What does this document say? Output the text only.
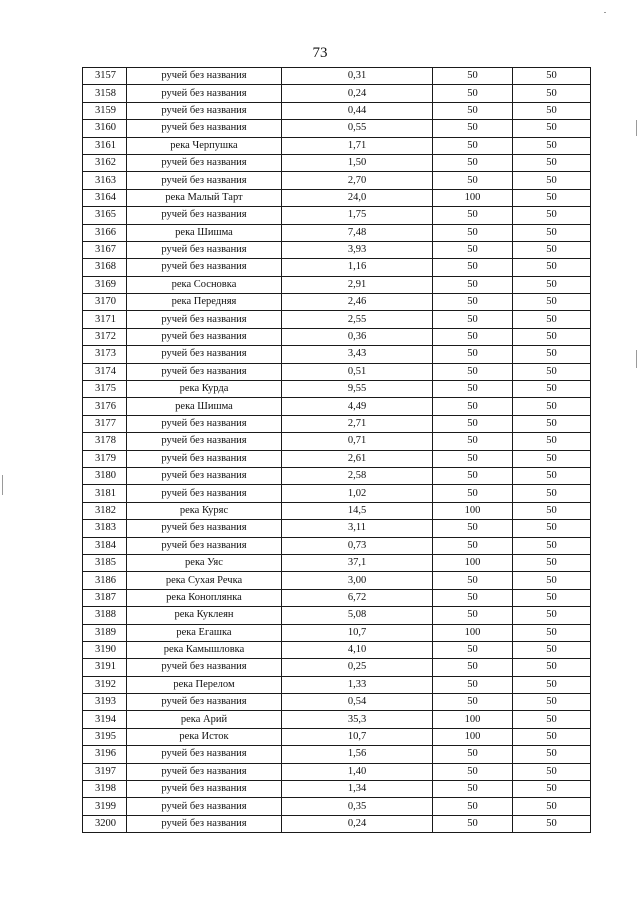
73
3157	ручей без названия	0,31	50	50
3158	ручей без названия	0,24	50	50
3159	ручей без названия	0,44	50	50
3160	ручей без названия	0,55	50	50
3161	река Черпушка	1,71	50	50
3162	ручей без названия	1,50	50	50
3163	ручей без названия	2,70	50	50
3164	река Малый Тарт	24,0	100	50
3165	ручей без названия	1,75	50	50
3166	река Шишма	7,48	50	50
3167	ручей без названия	3,93	50	50
3168	ручей без названия	1,16	50	50
3169	река Сосновка	2,91	50	50
3170	река Передняя	2,46	50	50
3171	ручей без названия	2,55	50	50
3172	ручей без названия	0,36	50	50
3173	ручей без названия	3,43	50	50
3174	ручей без названия	0,51	50	50
3175	река Курда	9,55	50	50
3176	река Шишма	4,49	50	50
3177	ручей без названия	2,71	50	50
3178	ручей без названия	0,71	50	50
3179	ручей без названия	2,61	50	50
3180	ручей без названия	2,58	50	50
3181	ручей без названия	1,02	50	50
3182	река Куряс	14,5	100	50
3183	ручей без названия	3,11	50	50
3184	ручей без названия	0,73	50	50
3185	река Уяс	37,1	100	50
3186	река Сухая Речка	3,00	50	50
3187	река Коноплянка	6,72	50	50
3188	река Куклеян	5,08	50	50
3189	река Егашка	10,7	100	50
3190	река Камышловка	4,10	50	50
3191	ручей без названия	0,25	50	50
3192	река Перелом	1,33	50	50
3193	ручей без названия	0,54	50	50
3194	река Арий	35,3	100	50
3195	река Исток	10,7	100	50
3196	ручей без названия	1,56	50	50
3197	ручей без названия	1,40	50	50
3198	ручей без названия	1,34	50	50
3199	ручей без названия	0,35	50	50
3200	ручей без названия	0,24	50	50
